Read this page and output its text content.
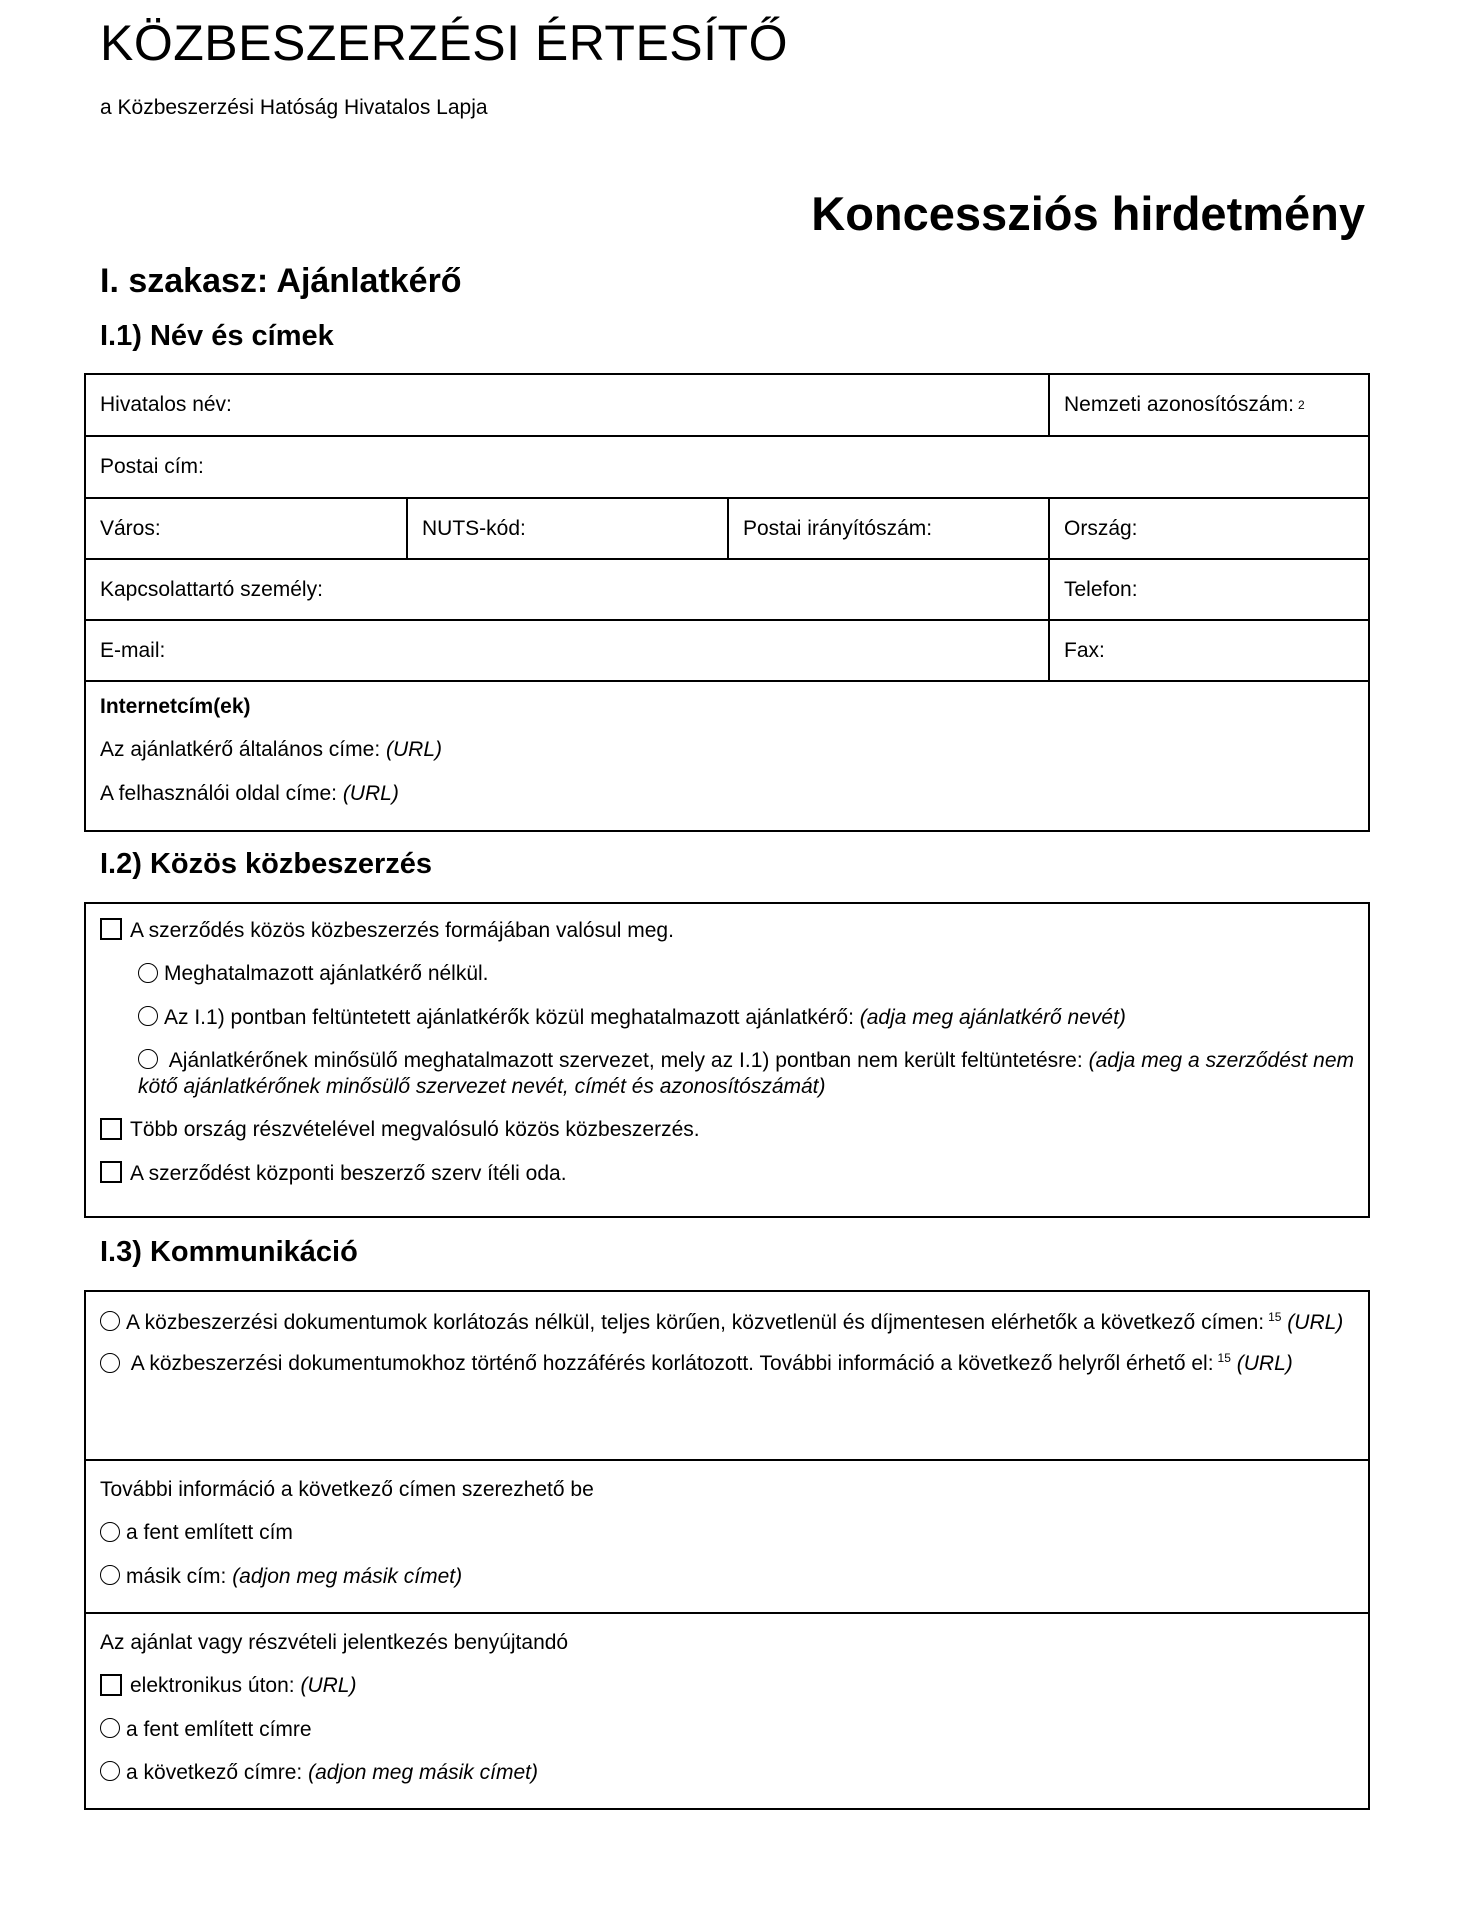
KÖZBESZERZÉSI ÉRTESÍTŐ

a Közbeszerzési Hatóság Hivatalos Lapja

Koncessziós hirdetmény
I. szakasz: Ajánlatkérő
I.1) Név és címek
Hivatalos név:	Nemzeti azonosítószám: 2
Postai cím:
Város:	NUTS-kód:	Postai irányítószám:	Ország:
Kapcsolattartó személy:	Telefon:
E-mail:	Fax:

Internetcím(ek)

Az ajánlatkérő általános címe: (URL)

A felhasználói oldal címe: (URL)

I.2) Közös közbeszerzés

A szerződés közös közbeszerzés formájában valósul meg.

Meghatalmazott ajánlatkérő nélkül.

Az I.1) pontban feltüntetett ajánlatkérők közül meghatalmazott ajánlatkérő: (adja meg ajánlatkérő nevét)

Ajánlatkérőnek minősülő meghatalmazott szervezet, mely az I.1) pontban nem került feltüntetésre: (adja meg a szerződést nem kötő ajánlatkérőnek minősülő szervezet nevét, címét és azonosítószámát)

Több ország részvételével megvalósuló közös közbeszerzés.

A szerződést központi beszerző szerv ítéli oda.

I.3) Kommunikáció

A közbeszerzési dokumentumok korlátozás nélkül, teljes körűen, közvetlenül és díjmentesen elérhetők a következő címen: $^{15}$ (URL)

A közbeszerzési dokumentumokhoz történő hozzáférés korlátozott. További információ a következő helyről érhető el: $^{15}$ (URL)

További információ a következő címen szerezhető be

a fent említett cím

másik cím: (adjon meg másik címet)

Az ajánlat vagy részvételi jelentkezés benyújtandó

elektronikus úton: (URL)

a fent említett címre

a következő címre: (adjon meg másik címet)
